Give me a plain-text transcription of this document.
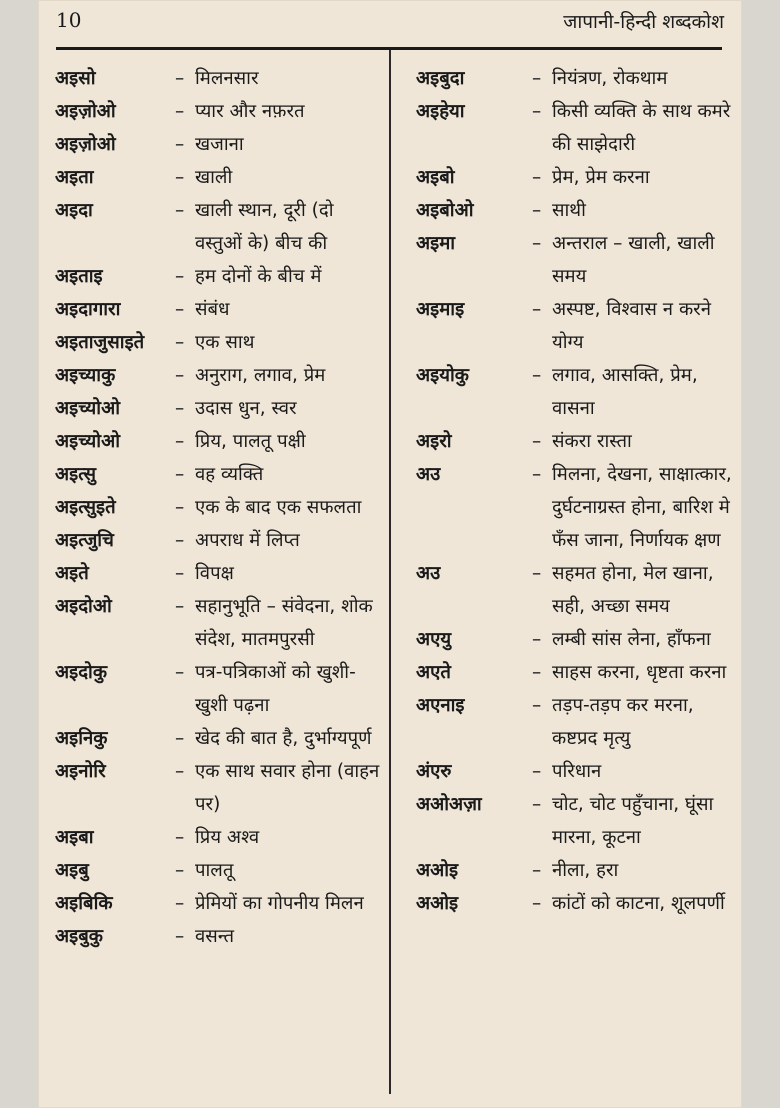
10	जापानी-हिन्दी शब्दकोश
अइसो	– मिलनसार
अइज़ोओ	– प्यार और नफ़रत
अइज़ोओ	– खजाना
अइता	– खाली
अइदा	– खाली स्थान, दूरी (दो वस्तुओं के) बीच की
अइताइ	– हम दोनों के बीच में
अइदागारा	– संबंध
अइताजुसाइते	– एक साथ
अइच्याकु	– अनुराग, लगाव, प्रेम
अइच्योओ	– उदास धुन, स्वर
अइच्योओ	– प्रिय, पालतू पक्षी
अइत्सु	– वह व्यक्ति
अइत्सुइते	– एक के बाद एक सफलता
अइत्जुचि	– अपराध में लिप्त
अइते	– विपक्ष
अइदोओ	– सहानुभूति – संवेदना, शोक संदेश, मातमपुरसी
अइदोकु	– पत्र-पत्रिकाओं को खुशी-खुशी पढ़ना
अइनिकु	– खेद की बात है, दुर्भाग्यपूर्ण
अइनोरि	– एक साथ सवार होना (वाहन पर)
अइबा	– प्रिय अश्व
अइबु	– पालतू
अइबिकि	– प्रेमियों का गोपनीय मिलन
अइबुकु	– वसन्त
अइबुदा	– नियंत्रण, रोकथाम
अइहेया	– किसी व्यक्ति के साथ कमरे की साझेदारी
अइबो	– प्रेम, प्रेम करना
अइबोओ	– साथी
अइमा	– अन्तराल – खाली, खाली समय
अइमाइ	– अस्पष्ट, विश्वास न करने योग्य
अइयोकु	– लगाव, आसक्ति, प्रेम, वासना
अइरो	– संकरा रास्ता
अउ	– मिलना, देखना, साक्षात्कार, दुर्घटनाग्रस्त होना, बारिश मे फँस जाना, निर्णायक क्षण
अउ	– सहमत होना, मेल खाना, सही, अच्छा समय
अएयु	– लम्बी सांस लेना, हाँफना
अएते	– साहस करना, धृष्टता करना
अएनाइ	– तड़प-तड़प कर मरना, कष्टप्रद मृत्यु
अंएरु	– परिधान
अओअज़ा	– चोट, चोट पहुँचाना, घूंसा मारना, कूटना
अओइ	– नीला, हरा
अओइ	– कांटों को काटना, शूलपर्णी
